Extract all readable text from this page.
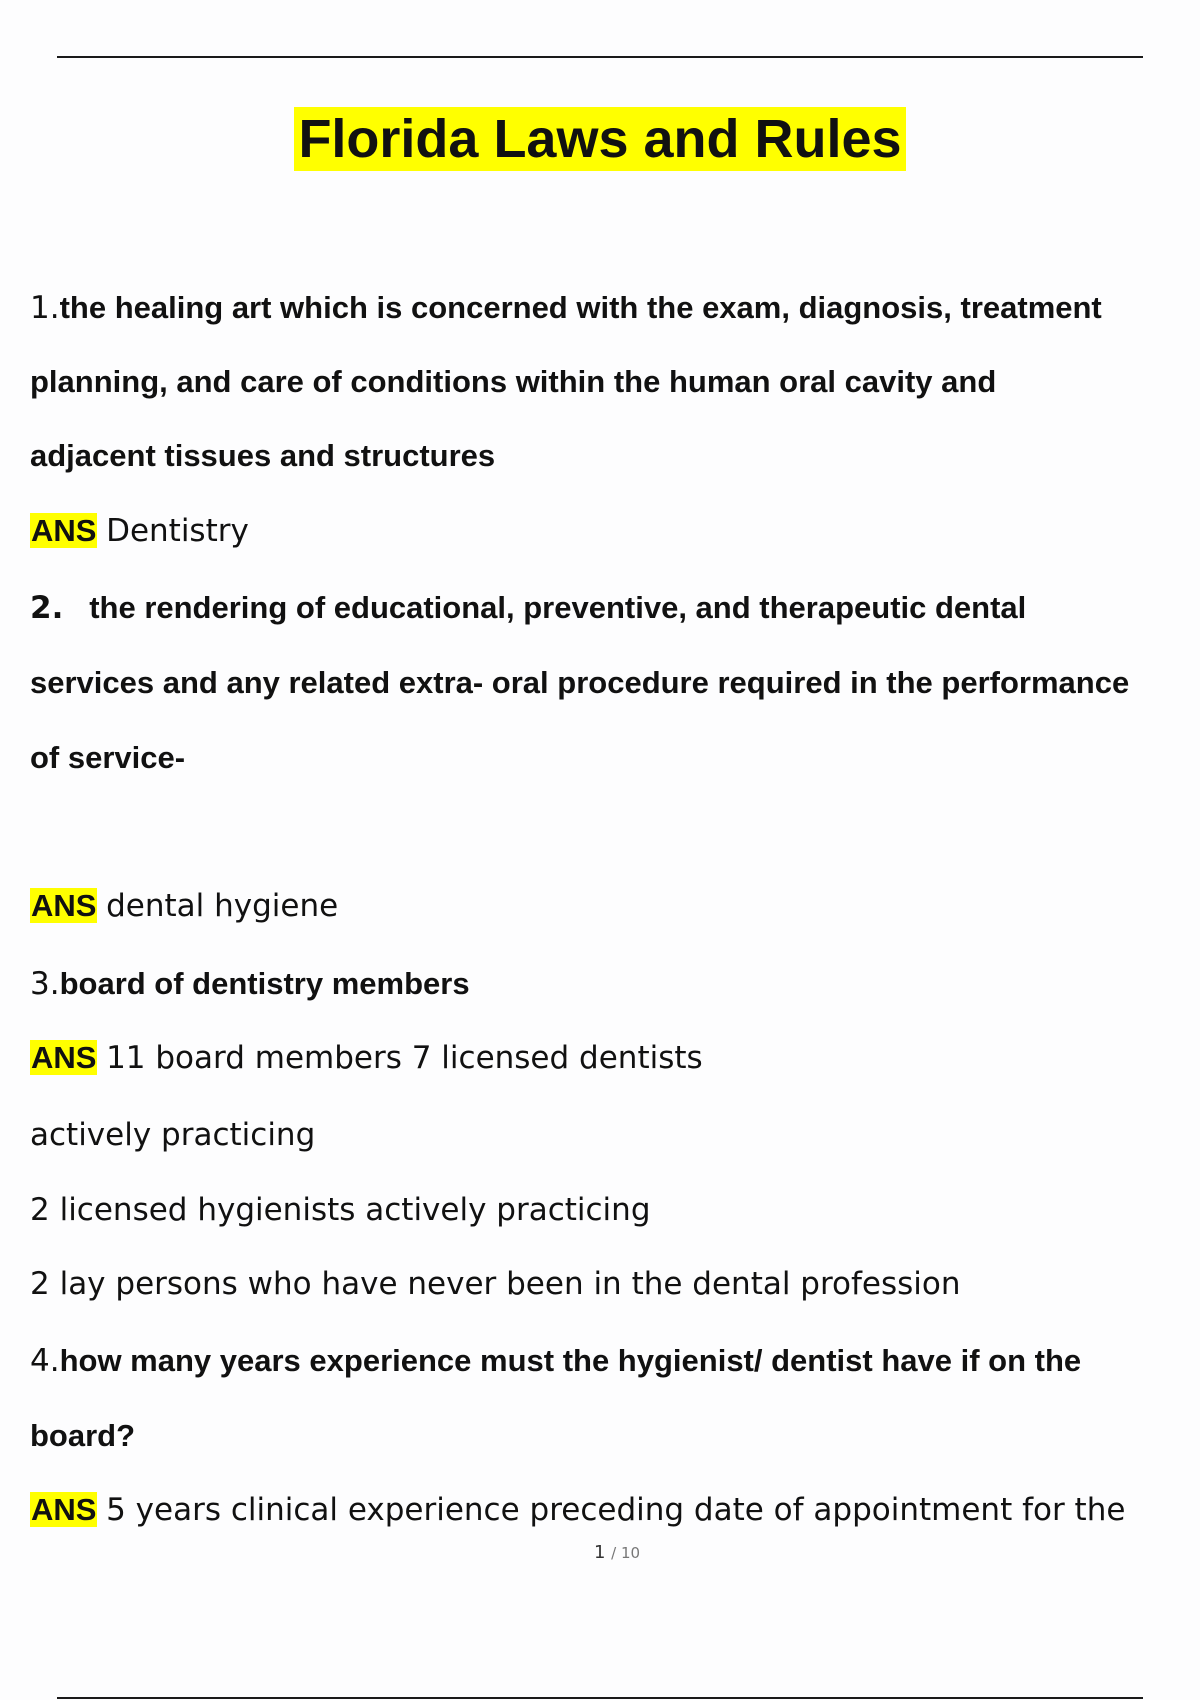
Florida Laws and Rules
1.the healing art which is concerned with the exam, diagnosis, treatment
planning, and care of conditions within the human oral cavity and
adjacent tissues and structures
ANS Dentistry
2. the rendering of educational, preventive, and therapeutic dental
services and any related extra- oral procedure required in the performance
of service-
ANS dental hygiene
3.board of dentistry members
ANS 11 board members 7 licensed dentists
actively practicing
2 licensed hygienists actively practicing
2 lay persons who have never been in the dental profession
4.how many years experience must the hygienist/ dentist have if on the
board?
ANS 5 years clinical experience preceding date of appointment for the
1 / 10
